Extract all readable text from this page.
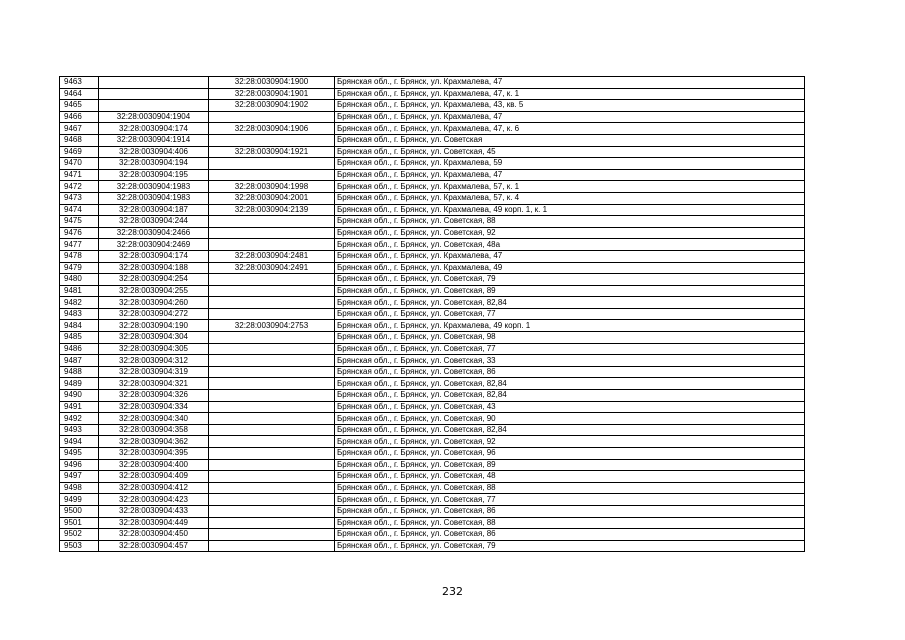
9463		32:28:0030904:1900	Брянская обл., г. Брянск, ул. Крахмалева, 47
9464		32:28:0030904:1901	Брянская обл., г. Брянск, ул. Крахмалева, 47, к. 1
9465		32:28:0030904:1902	Брянская обл., г. Брянск, ул. Крахмалева, 43, кв. 5
9466	32:28:0030904:1904		Брянская обл., г. Брянск, ул. Крахмалева, 47
9467	32:28:0030904:174	32:28:0030904:1906	Брянская обл., г. Брянск, ул. Крахмалева, 47, к. 6
9468	32:28:0030904:1914		Брянская обл., г. Брянск, ул. Советская
9469	32:28:0030904:406	32:28:0030904:1921	Брянская обл., г. Брянск, ул. Советская, 45
9470	32:28:0030904:194		Брянская обл., г. Брянск, ул. Крахмалева, 59
9471	32:28:0030904:195		Брянская обл., г. Брянск, ул. Крахмалева, 47
9472	32:28:0030904:1983	32:28:0030904:1998	Брянская обл., г. Брянск, ул. Крахмалева, 57, к. 1
9473	32:28:0030904:1983	32:28:0030904:2001	Брянская обл., г. Брянск, ул. Крахмалева, 57, к. 4
9474	32:28:0030904:187	32:28:0030904:2139	Брянская обл., г. Брянск, ул. Крахмалева, 49 корп. 1, к. 1
9475	32:28:0030904:244		Брянская обл., г. Брянск, ул. Советская, 88
9476	32:28:0030904:2466		Брянская обл., г. Брянск, ул. Советская, 92
9477	32:28:0030904:2469		Брянская обл., г. Брянск, ул. Советская, 48а
9478	32:28:0030904:174	32:28:0030904:2481	Брянская обл., г. Брянск, ул. Крахмалева, 47
9479	32:28:0030904:188	32:28:0030904:2491	Брянская обл., г. Брянск, ул. Крахмалева, 49
9480	32:28:0030904:254		Брянская обл., г. Брянск, ул. Советская, 79
9481	32:28:0030904:255		Брянская обл., г. Брянск, ул. Советская, 89
9482	32:28:0030904:260		Брянская обл., г. Брянск, ул. Советская, 82,84
9483	32:28:0030904:272		Брянская обл., г. Брянск, ул. Советская, 77
9484	32:28:0030904:190	32:28:0030904:2753	Брянская обл., г. Брянск, ул. Крахмалева, 49 корп. 1
9485	32:28:0030904:304		Брянская обл., г. Брянск, ул. Советская, 98
9486	32:28:0030904:305		Брянская обл., г. Брянск, ул. Советская, 77
9487	32:28:0030904:312		Брянская обл., г. Брянск, ул. Советская, 33
9488	32:28:0030904:319		Брянская обл., г. Брянск, ул. Советская, 86
9489	32:28:0030904:321		Брянская обл., г. Брянск, ул. Советская, 82,84
9490	32:28:0030904:326		Брянская обл., г. Брянск, ул. Советская, 82,84
9491	32:28:0030904:334		Брянская обл., г. Брянск, ул. Советская, 43
9492	32:28:0030904:340		Брянская обл., г. Брянск, ул. Советская, 90
9493	32:28:0030904:358		Брянская обл., г. Брянск, ул. Советская, 82,84
9494	32:28:0030904:362		Брянская обл., г. Брянск, ул. Советская, 92
9495	32:28:0030904:395		Брянская обл., г. Брянск, ул. Советская, 96
9496	32:28:0030904:400		Брянская обл., г. Брянск, ул. Советская, 89
9497	32:28:0030904:409		Брянская обл., г. Брянск, ул. Советская, 48
9498	32:28:0030904:412		Брянская обл., г. Брянск, ул. Советская, 88
9499	32:28:0030904:423		Брянская обл., г. Брянск, ул. Советская, 77
9500	32:28:0030904:433		Брянская обл., г. Брянск, ул. Советская, 86
9501	32:28:0030904:449		Брянская обл., г. Брянск, ул. Советская, 88
9502	32:28:0030904:450		Брянская обл., г. Брянск, ул. Советская, 86
9503	32:28:0030904:457		Брянская обл., г. Брянск, ул. Советская, 79
232
